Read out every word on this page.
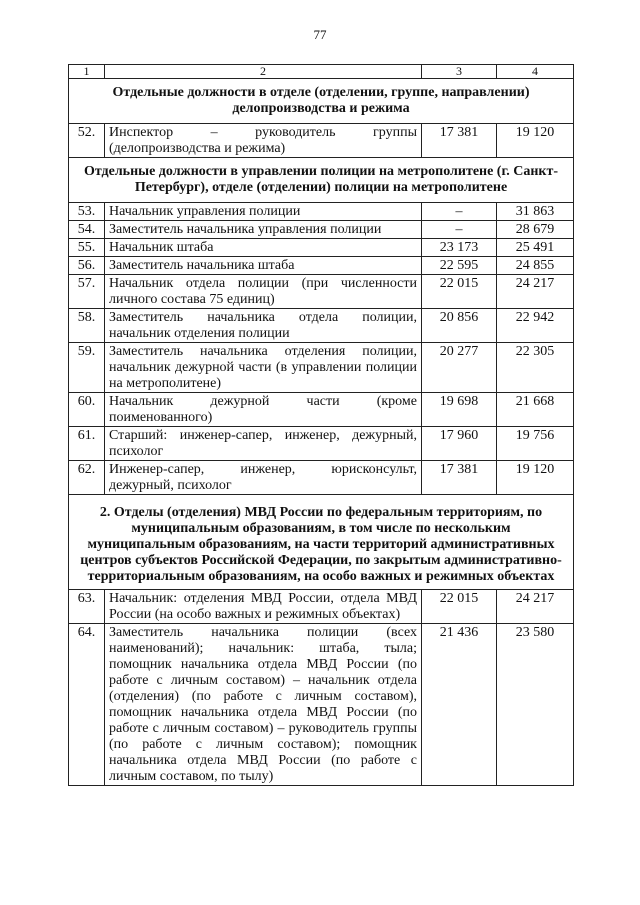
77
1	2	3	4
Отдельные должности в отделе (отделении, группе, направлении) делопроизводства и режима			
52.	Инспектор – руководитель группы (делопроизводства и режима)	17 381	19 120
Отдельные должности в управлении полиции на метрополитене (г. Санкт-Петербург), отделе (отделении) полиции на метрополитене			
53.	Начальник управления полиции	–	31 863
54.	Заместитель начальника управления полиции	–	28 679
55.	Начальник штаба	23 173	25 491
56.	Заместитель начальника штаба	22 595	24 855
57.	Начальник отдела полиции (при численности личного состава 75 единиц)	22 015	24 217
58.	Заместитель начальника отдела полиции, начальник отделения полиции	20 856	22 942
59.	Заместитель начальника отделения полиции, начальник дежурной части (в управлении полиции на метрополитене)	20 277	22 305
60.	Начальник дежурной части (кроме поименованного)	19 698	21 668
61.	Старший: инженер-сапер, инженер, дежурный, психолог	17 960	19 756
62.	Инженер-сапер, инженер, юрисконсульт, дежурный, психолог	17 381	19 120
2. Отделы (отделения) МВД России по федеральным территориям, по муниципальным образованиям, в том числе по нескольким муниципальным образованиям, на части территорий административных центров субъектов Российской Федерации, по закрытым административно-территориальным образованиям, на особо важных и режимных объектах			
63.	Начальник: отделения МВД России, отдела МВД России (на особо важных и режимных объектах)	22 015	24 217
64.	Заместитель начальника полиции (всех наименований); начальник: штаба, тыла; помощник начальника отдела МВД России (по работе с личным составом) – начальник отдела (отделения) (по работе с личным составом), помощник начальника отдела МВД России (по работе с личным составом) – руководитель группы (по работе с личным составом); помощник начальника отдела МВД России (по работе с личным составом, по тылу)	21 436	23 580
